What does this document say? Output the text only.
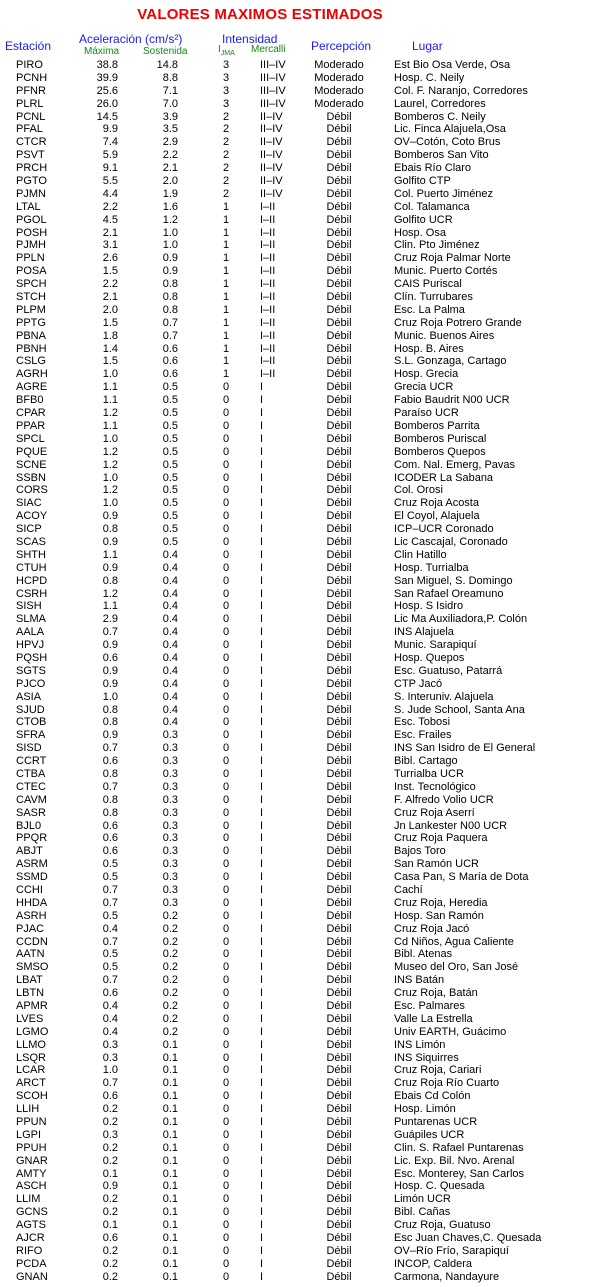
VALORES MAXIMOS ESTIMADOS
Estación Aceleración (cm/s²)
Máxima Sostenida
Intensidad
$I_{JMA}$ Mercalli Percepción	Lugar
PIRO	38.8	14.8	3	III–IV	Moderado	Est Bio Osa Verde, Osa
PCNH	39.9	8.8	3	III–IV	Moderado	Hosp. C. Neily
PFNR	25.6	7.1	3	III–IV	Moderado	Col. F. Naranjo, Corredores
PLRL	26.0	7.0	3	III–IV	Moderado	Laurel, Corredores
PCNL	14.5	3.9	2	II–IV	Débil	Bomberos C. Neily
PFAL	9.9	3.5	2	II–IV	Débil	Lic. Finca Alajuela,Osa
CTCR	7.4	2.9	2	II–IV	Débil	OV–Cotón, Coto Brus
PSVT	5.9	2.2	2	II–IV	Débil	Bomberos San Vito
PRCH	9.1	2.1	2	II–IV	Débil	Ebais Río Claro
PGTO	5.5	2.0	2	II–IV	Débil	Golfito CTP
PJMN	4.4	1.9	2	II–IV	Débil	Col. Puerto Jiménez
LTAL	2.2	1.6	1	I–II	Débil	Col. Talamanca
PGOL	4.5	1.2	1	I–II	Débil	Golfito UCR
POSH	2.1	1.0	1	I–II	Débil	Hosp. Osa
PJMH	3.1	1.0	1	I–II	Débil	Clin. Pto Jiménez
PPLN	2.6	0.9	1	I–II	Débil	Cruz Roja Palmar Norte
POSA	1.5	0.9	1	I–II	Débil	Munic. Puerto Cortés
SPCH	2.2	0.8	1	I–II	Débil	CAIS Puriscal
STCH	2.1	0.8	1	I–II	Débil	Clín. Turrubares
PLPM	2.0	0.8	1	I–II	Débil	Esc. La Palma
PPTG	1.5	0.7	1	I–II	Débil	Cruz Roja Potrero Grande
PBNA	1.8	0.7	1	I–II	Débil	Munic. Buenos Aires
PBNH	1.4	0.6	1	I–II	Débil	Hosp. B. Aires
CSLG	1.5	0.6	1	I–II	Débil	S.L. Gonzaga, Cartago
AGRH	1.0	0.6	1	I–II	Débil	Hosp. Grecia
AGRE	1.1	0.5	0	I	Débil	Grecia UCR
BFB0	1.1	0.5	0	I	Débil	Fabio Baudrit N00 UCR
CPAR	1.2	0.5	0	I	Débil	Paraíso UCR
PPAR	1.1	0.5	0	I	Débil	Bomberos Parrita
SPCL	1.0	0.5	0	I	Débil	Bomberos Puriscal
PQUE	1.2	0.5	0	I	Débil	Bomberos Quepos
SCNE	1.2	0.5	0	I	Débil	Com. Nal. Emerg, Pavas
SSBN	1.0	0.5	0	I	Débil	ICODER La Sabana
CORS	1.2	0.5	0	I	Débil	Col. Orosi
SIAC	1.0	0.5	0	I	Débil	Cruz Roja Acosta
ACOY	0.9	0.5	0	I	Débil	El Coyol, Alajuela
SICP	0.8	0.5	0	I	Débil	ICP–UCR Coronado
SCAS	0.9	0.5	0	I	Débil	Lic Cascajal, Coronado
SHTH	1.1	0.4	0	I	Débil	Clin Hatillo
CTUH	0.9	0.4	0	I	Débil	Hosp. Turrialba
HCPD	0.8	0.4	0	I	Débil	San Miguel, S. Domingo
CSRH	1.2	0.4	0	I	Débil	San Rafael Oreamuno
SISH	1.1	0.4	0	I	Débil	Hosp. S Isidro
SLMA	2.9	0.4	0	I	Débil	Lic Ma Auxiliadora,P. Colón
AALA	0.7	0.4	0	I	Débil	INS Alajuela
HPVJ	0.9	0.4	0	I	Débil	Munic. Sarapiquí
PQSH	0.6	0.4	0	I	Débil	Hosp. Quepos
SGTS	0.9	0.4	0	I	Débil	Esc. Guatuso, Patarrá
PJCO	0.9	0.4	0	I	Débil	CTP Jacó
ASIA	1.0	0.4	0	I	Débil	S. Interuniv. Alajuela
SJUD	0.8	0.4	0	I	Débil	S. Jude School, Santa Ana
CTOB	0.8	0.4	0	I	Débil	Esc. Tobosi
SFRA	0.9	0.3	0	I	Débil	Esc. Frailes
SISD	0.7	0.3	0	I	Débil	INS San Isidro de El General
CCRT	0.6	0.3	0	I	Débil	Bibl. Cartago
CTBA	0.8	0.3	0	I	Débil	Turrialba UCR
CTEC	0.7	0.3	0	I	Débil	Inst. Tecnológico
CAVM	0.8	0.3	0	I	Débil	F. Alfredo Volio UCR
SASR	0.8	0.3	0	I	Débil	Cruz Roja Aserrí
BJL0	0.6	0.3	0	I	Débil	Jn Lankester N00 UCR
PPQR	0.6	0.3	0	I	Débil	Cruz Roja Paquera
ABJT	0.6	0.3	0	I	Débil	Bajos Toro
ASRM	0.5	0.3	0	I	Débil	San Ramón UCR
SSMD	0.5	0.3	0	I	Débil	Casa Pan, S María de Dota
CCHI	0.7	0.3	0	I	Débil	Cachí
HHDA	0.7	0.3	0	I	Débil	Cruz Roja, Heredia
ASRH	0.5	0.2	0	I	Débil	Hosp. San Ramón
PJAC	0.4	0.2	0	I	Débil	Cruz Roja Jacó
CCDN	0.7	0.2	0	I	Débil	Cd Niños, Agua Caliente
AATN	0.5	0.2	0	I	Débil	Bibl. Atenas
SMSO	0.5	0.2	0	I	Débil	Museo del Oro, San José
LBAT	0.7	0.2	0	I	Débil	INS Batán
LBTN	0.6	0.2	0	I	Débil	Cruz Roja, Batán
APMR	0.4	0.2	0	I	Débil	Esc. Palmares
LVES	0.4	0.2	0	I	Débil	Valle La Estrella
LGMO	0.4	0.2	0	I	Débil	Univ EARTH, Guácimo
LLMO	0.3	0.1	0	I	Débil	INS Limón
LSQR	0.3	0.1	0	I	Débil	INS Siquirres
LCAR	1.0	0.1	0	I	Débil	Cruz Roja, Cariari
ARCT	0.7	0.1	0	I	Débil	Cruz Roja Río Cuarto
SCOH	0.6	0.1	0	I	Débil	Ebais Cd Colón
LLIH	0.2	0.1	0	I	Débil	Hosp. Limón
PPUN	0.2	0.1	0	I	Débil	Puntarenas UCR
LGPI	0.3	0.1	0	I	Débil	Guápiles UCR
PPUH	0.2	0.1	0	I	Débil	Clin. S. Rafael Puntarenas
GNAR	0.2	0.1	0	I	Débil	Lic. Exp. Bil. Nvo. Arenal
AMTY	0.1	0.1	0	I	Débil	Esc. Monterey, San Carlos
ASCH	0.9	0.1	0	I	Débil	Hosp. C. Quesada
LLIM	0.2	0.1	0	I	Débil	Limón UCR
GCNS	0.2	0.1	0	I	Débil	Bibl. Cañas
AGTS	0.1	0.1	0	I	Débil	Cruz Roja, Guatuso
AJCR	0.6	0.1	0	I	Débil	Esc Juan Chaves,C. Quesada
RIFO	0.2	0.1	0	I	Débil	OV–Río Frío, Sarapiquí
PCDA	0.2	0.1	0	I	Débil	INCOP, Caldera
GNAN	0.2	0.1	0	I	Débil	Carmona, Nandayure
